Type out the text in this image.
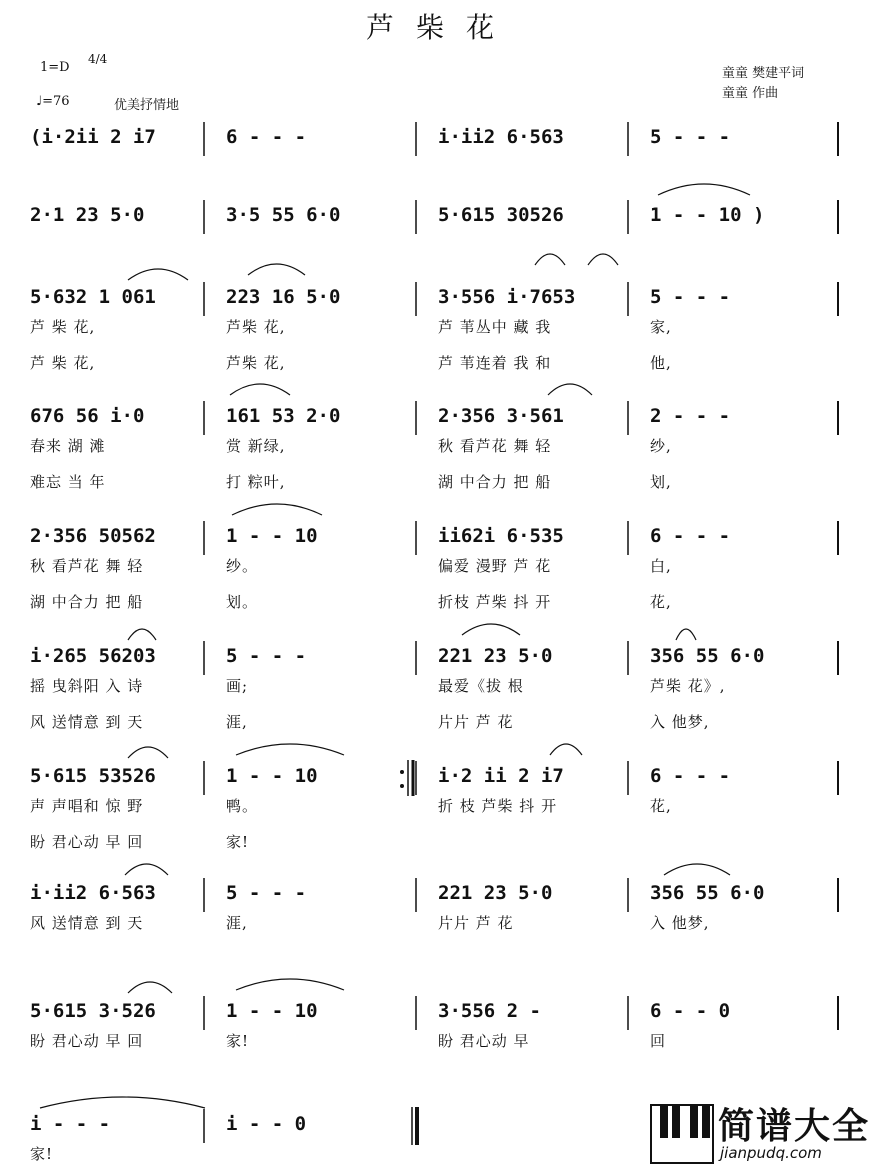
芦柴花
1=D
4/4
♩=76	优美抒情地
童童 樊建平词
童童 作曲
(i·2ii 2 i7	6 - - -	i·ii2 6·563	5 - - -
2·1 23 5·0	3·5 55 6·0	5·615 30526	1 - - 10 )
5·632 1 061	223 16 5·0	3·556 i·7653	5 - - -
芦 柴 花,	芦柴 花,	芦 苇丛中 藏 我	家,
芦 柴 花,	芦柴 花,	芦 苇连着 我 和	他,
676 56 i·0	161 53 2·0	2·356 3·561	2 - - -
春来 湖 滩	赏 新绿,	秋 看芦花 舞 轻	纱,
难忘 当 年	打 粽叶,	湖 中合力 把 船	划,
2·356 50562	1 - - 10	ii62i 6·535	6 - - -
秋 看芦花 舞 轻	纱。	偏爱 漫野 芦 花	白,
湖 中合力 把 船	划。	折枝 芦柴 抖 开	花,
i·265 56203	5 - - -	221 23 5·0	356 55 6·0
摇 曳斜阳 入 诗	画;	最爱《拔 根	芦柴 花》,
风 送情意 到 天	涯,	片片 芦 花	入 他梦,
5·615 53526	1 - - 10	i·2 ii 2 i7	6 - - -
声 声唱和 惊 野	鸭。	折 枝 芦柴 抖 开	花,
盼 君心动 早 回	家!
i·ii2 6·563	5 - - -	221 23 5·0	356 55 6·0
风 送情意 到 天	涯,	片片 芦 花	入 他梦,
5·615 3·526	1 - - 10	3·556 2 -	6 - - 0
盼 君心动 早 回	家!	盼 君心动 早	回
i - - -	i - - 0
家!
简谱大全
jianpudq.com
